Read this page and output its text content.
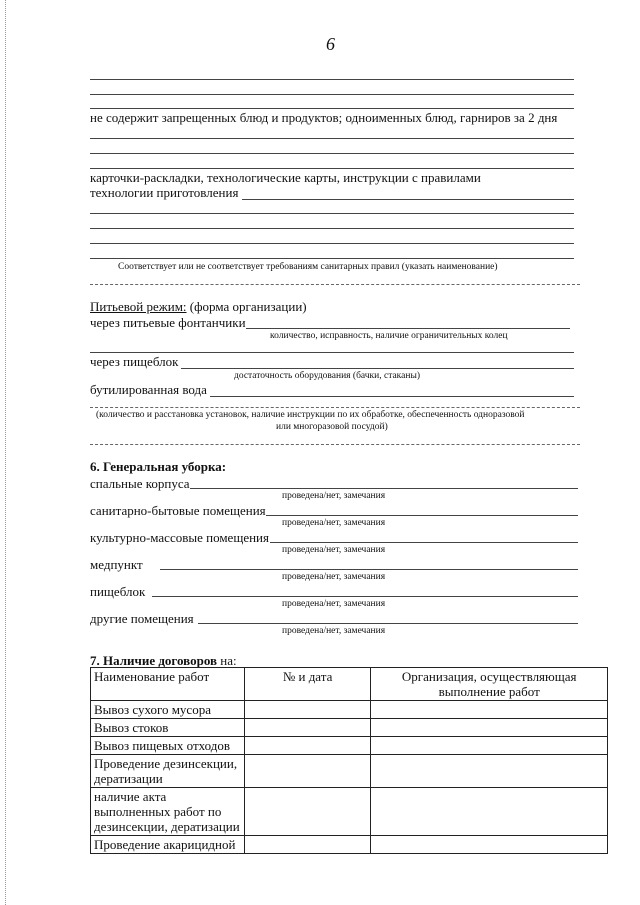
6
не содержит запрещенных блюд и продуктов; одноименных блюд, гарниров за 2 дня
карточки-раскладки, технологические карты, инструкции с правилами
технологии приготовления
Соответствует или не соответствует требованиям санитарных правил (указать наименование)
Питьевой режим: (форма организации)
через питьевые фонтанчики
количество, исправность, наличие ограничительных колец
через пищеблок
достаточность оборудования (бачки, стаканы)
бутилированная вода
(количество и расстановка установок, наличие инструкции по их обработке, обеспеченность одноразовой
или многоразовой посудой)
6. Генеральная уборка:
спальные корпуса
проведена/нет, замечания
санитарно-бытовые помещения
проведена/нет, замечания
культурно-массовые помещения
проведена/нет, замечания
медпункт
проведена/нет, замечания
пищеблок
проведена/нет, замечания
другие помещения
проведена/нет, замечания
7. Наличие договоров на:
Наименование работ	№ и дата	Организация, осуществляющая выполнение работ
Вывоз сухого мусора		
Вывоз стоков		
Вывоз пищевых отходов		
Проведение дезинсекции, дератизации		
наличие акта выполненных работ по дезинсекции, дератизации		
Проведение акарицидной		
